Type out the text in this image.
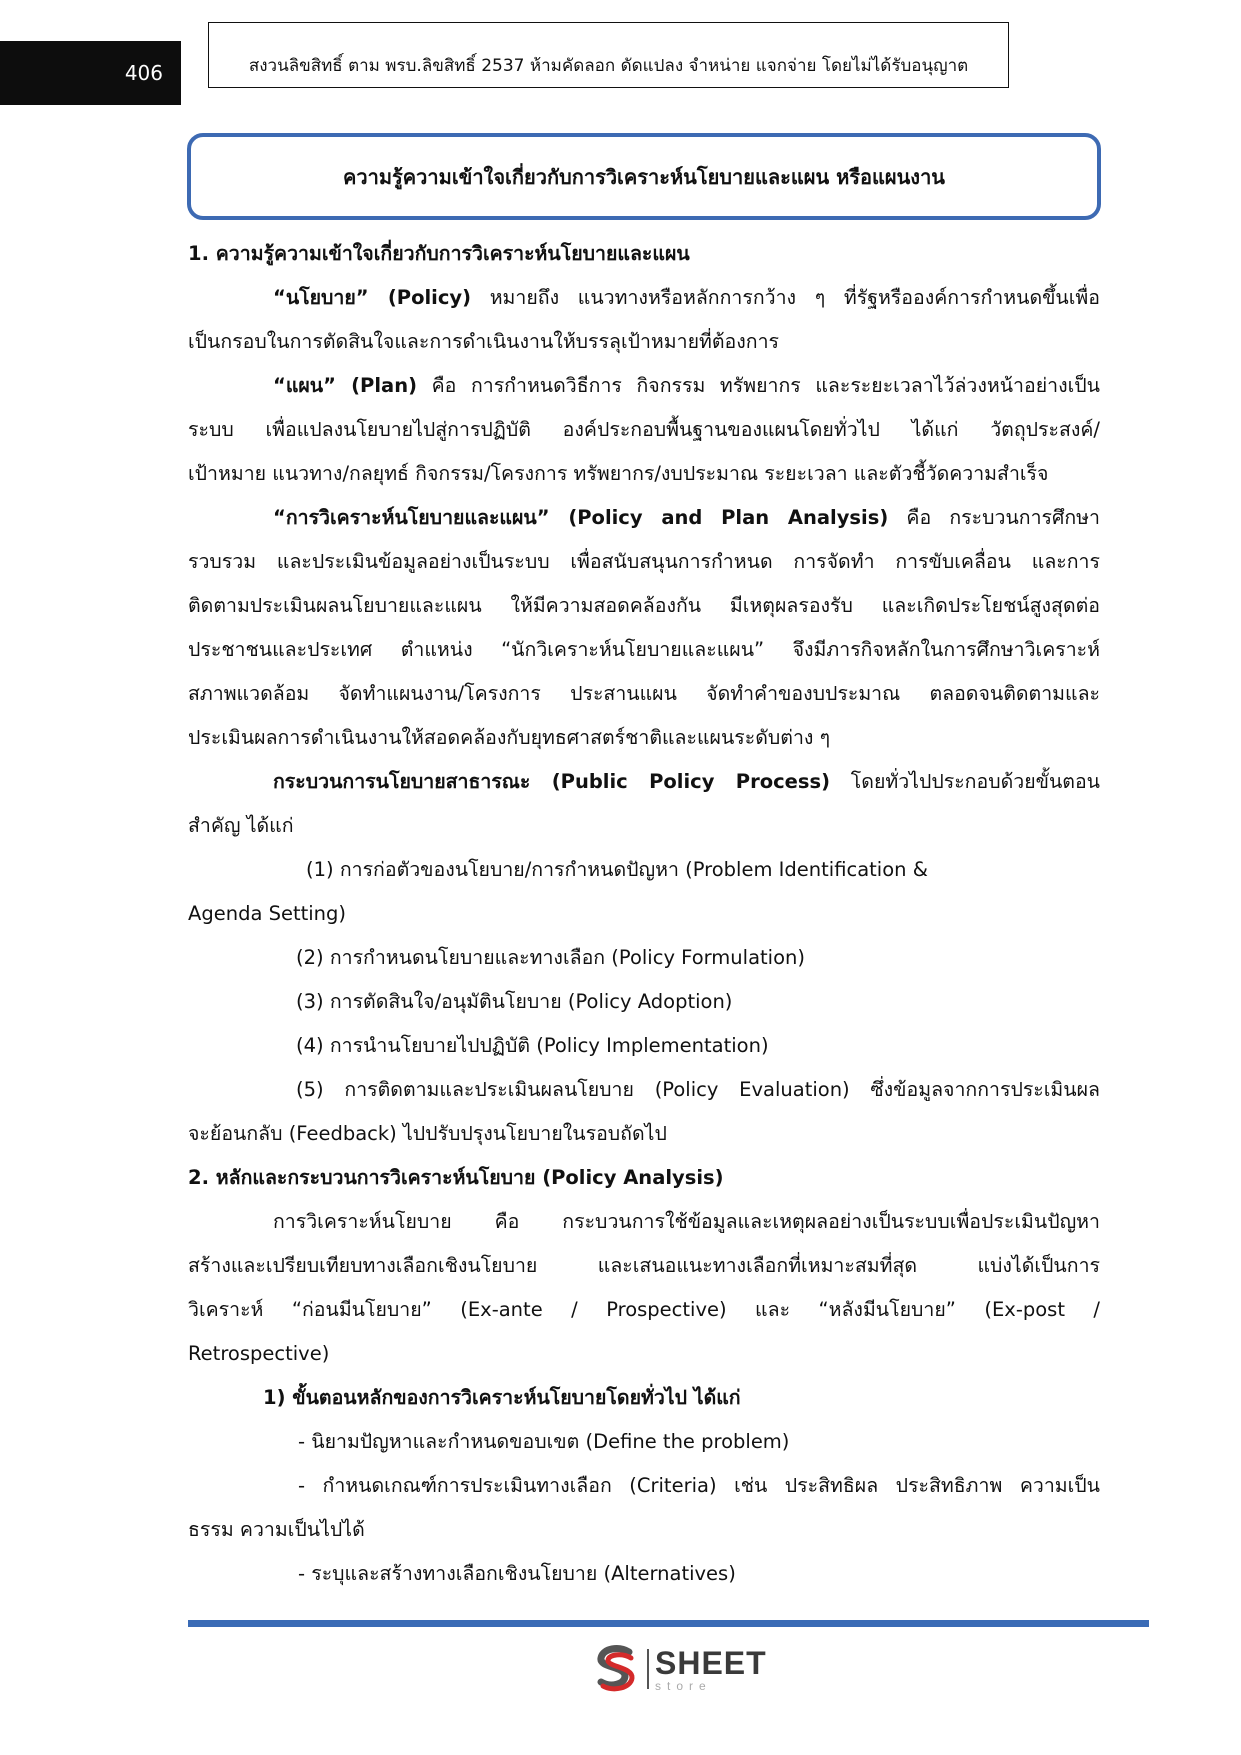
406	สงวนลิขสิทธิ์ ตาม พรบ.ลิขสิทธิ์ 2537 ห้ามคัดลอก ดัดแปลง จำหน่าย แจกจ่าย โดยไม่ได้รับอนุญาต
ความรู้ความเข้าใจเกี่ยวกับการวิเคราะห์นโยบายและแผน หรือแผนงาน

1. ความรู้ความเข้าใจเกี่ยวกับการวิเคราะห์นโยบายและแผน

“นโยบาย” (Policy) หมายถึง แนวทางหรือหลักการกว้าง ๆ ที่รัฐหรือองค์การกำหนดขึ้นเพื่อ

เป็นกรอบในการตัดสินใจและการดำเนินงานให้บรรลุเป้าหมายที่ต้องการ

“แผน” (Plan) คือ การกำหนดวิธีการ กิจกรรม ทรัพยากร และระยะเวลาไว้ล่วงหน้าอย่างเป็น

ระบบ เพื่อแปลงนโยบายไปสู่การปฏิบัติ องค์ประกอบพื้นฐานของแผนโดยทั่วไป ได้แก่ วัตถุประสงค์/

เป้าหมาย แนวทาง/กลยุทธ์ กิจกรรม/โครงการ ทรัพยากร/งบประมาณ ระยะเวลา และตัวชี้วัดความสำเร็จ

“การวิเคราะห์นโยบายและแผน” (Policy and Plan Analysis) คือ กระบวนการศึกษา

รวบรวม และประเมินข้อมูลอย่างเป็นระบบ เพื่อสนับสนุนการกำหนด การจัดทำ การขับเคลื่อน และการ

ติดตามประเมินผลนโยบายและแผน ให้มีความสอดคล้องกัน มีเหตุผลรองรับ และเกิดประโยชน์สูงสุดต่อ

ประชาชนและประเทศ ตำแหน่ง “นักวิเคราะห์นโยบายและแผน” จึงมีภารกิจหลักในการศึกษาวิเคราะห์

สภาพแวดล้อม จัดทำแผนงาน/โครงการ ประสานแผน จัดทำคำของบประมาณ ตลอดจนติดตามและ

ประเมินผลการดำเนินงานให้สอดคล้องกับยุทธศาสตร์ชาติและแผนระดับต่าง ๆ

กระบวนการนโยบายสาธารณะ (Public Policy Process) โดยทั่วไปประกอบด้วยขั้นตอน

สำคัญ ได้แก่

(1) การก่อตัวของนโยบาย/การกำหนดปัญหา (Problem Identification &

Agenda Setting)

(2) การกำหนดนโยบายและทางเลือก (Policy Formulation)

(3) การตัดสินใจ/อนุมัตินโยบาย (Policy Adoption)

(4) การนำนโยบายไปปฏิบัติ (Policy Implementation)

(5) การติดตามและประเมินผลนโยบาย (Policy Evaluation) ซึ่งข้อมูลจากการประเมินผล

จะย้อนกลับ (Feedback) ไปปรับปรุงนโยบายในรอบถัดไป

2. หลักและกระบวนการวิเคราะห์นโยบาย (Policy Analysis)

การวิเคราะห์นโยบาย คือ กระบวนการใช้ข้อมูลและเหตุผลอย่างเป็นระบบเพื่อประเมินปัญหา

สร้างและเปรียบเทียบทางเลือกเชิงนโยบาย และเสนอแนะทางเลือกที่เหมาะสมที่สุด แบ่งได้เป็นการ

วิเคราะห์ “ก่อนมีนโยบาย” (Ex-ante / Prospective) และ “หลังมีนโยบาย” (Ex-post /

Retrospective)

1) ขั้นตอนหลักของการวิเคราะห์นโยบายโดยทั่วไป ได้แก่

- นิยามปัญหาและกำหนดขอบเขต (Define the problem)

- กำหนดเกณฑ์การประเมินทางเลือก (Criteria) เช่น ประสิทธิผล ประสิทธิภาพ ความเป็น

ธรรม ความเป็นไปได้

- ระบุและสร้างทางเลือกเชิงนโยบาย (Alternatives)

SHEET
store
